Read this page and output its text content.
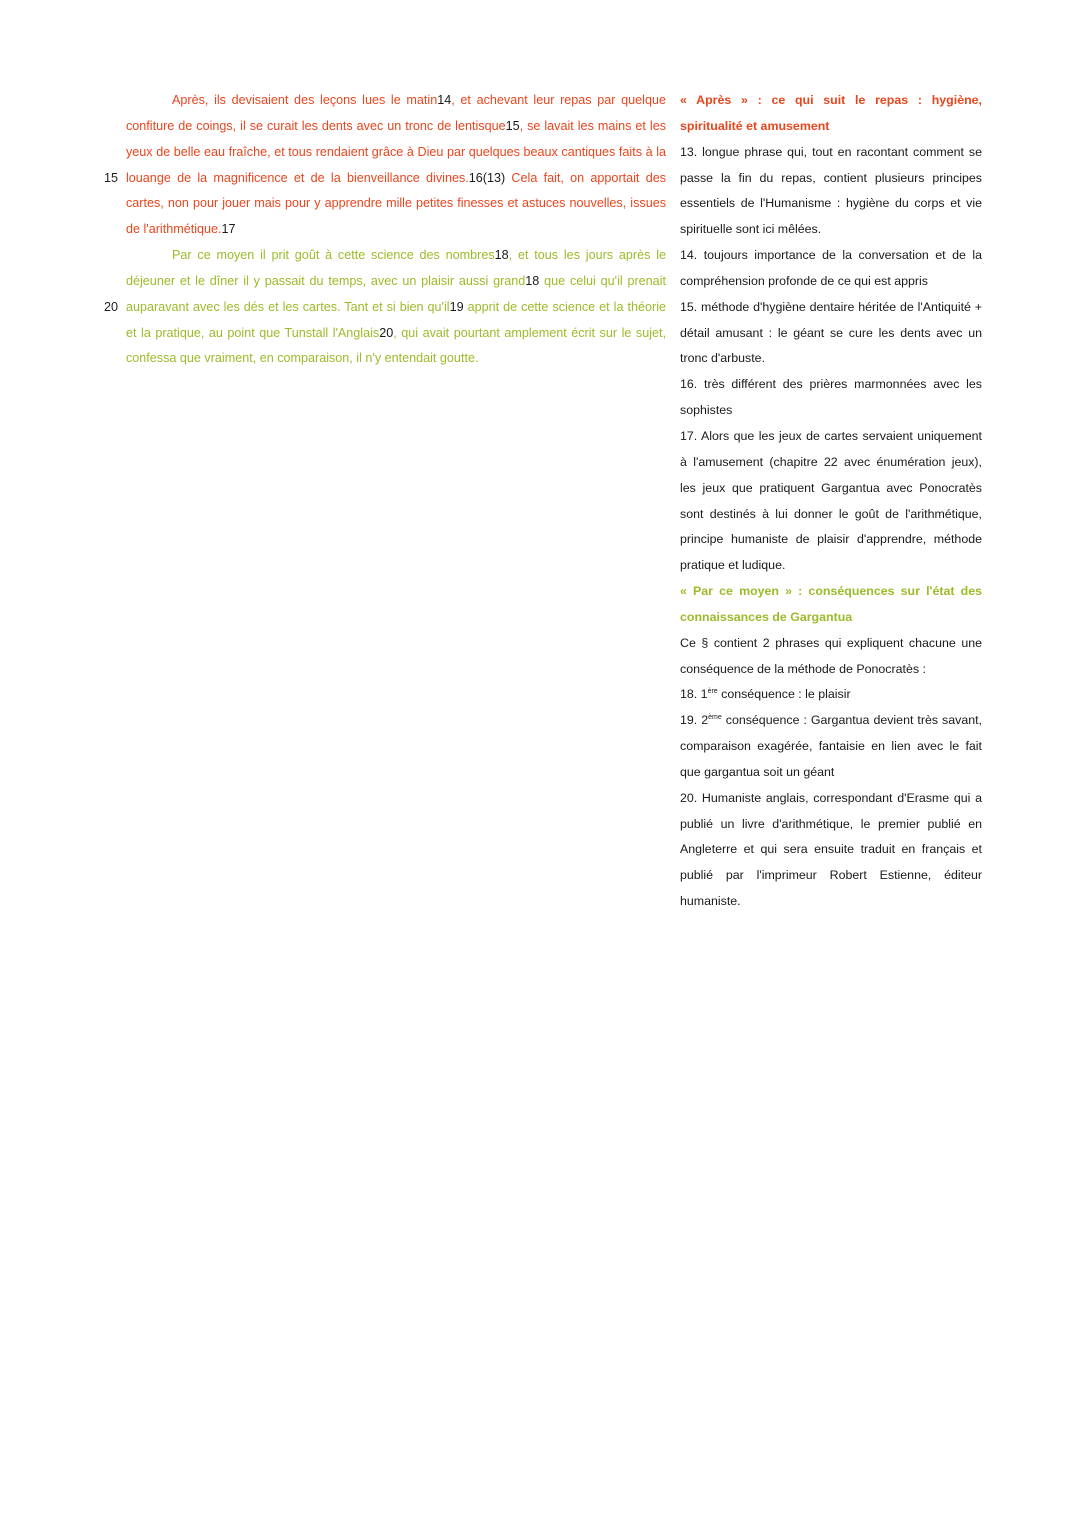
15
20

Après, ils devisaient des leçons lues le matin14, et achevant leur repas par quelque confiture de coings, il se curait les dents avec un tronc de lentisque15, se lavait les mains et les yeux de belle eau fraîche, et tous rendaient grâce à Dieu par quelques beaux cantiques faits à la louange de la magnificence et de la bienveillance divines.16(13) Cela fait, on apportait des cartes, non pour jouer mais pour y apprendre mille petites finesses et astuces nouvelles, issues de l'arithmétique.17

Par ce moyen il prit goût à cette science des nombres18, et tous les jours après le déjeuner et le dîner il y passait du temps, avec un plaisir aussi grand18 que celui qu'il prenait auparavant avec les dés et les cartes. Tant et si bien qu'il19 apprit de cette science et la théorie et la pratique, au point que Tunstall l'Anglais20, qui avait pourtant amplement écrit sur le sujet, confessa que vraiment, en comparaison, il n'y entendait goutte.

« Après » : ce qui suit le repas : hygiène, spiritualité et amusement

13. longue phrase qui, tout en racontant comment se passe la fin du repas, contient plusieurs principes essentiels de l'Humanisme : hygiène du corps et vie spirituelle sont ici mêlées.

14. toujours importance de la conversation et de la compréhension profonde de ce qui est appris

15. méthode d'hygiène dentaire héritée de l'Antiquité + détail amusant : le géant se cure les dents avec un tronc d'arbuste.

16. très différent des prières marmonnées avec les sophistes

17. Alors que les jeux de cartes servaient uniquement à l'amusement (chapitre 22 avec énumération jeux), les jeux que pratiquent Gargantua avec Ponocratès sont destinés à lui donner le goût de l'arithmétique, principe humaniste de plaisir d'apprendre, méthode pratique et ludique.

« Par ce moyen » : conséquences sur l'état des connaissances de Gargantua

Ce § contient 2 phrases qui expliquent chacune une conséquence de la méthode de Ponocratès :

18. 1ère conséquence : le plaisir

19. 2ème conséquence : Gargantua devient très savant, comparaison exagérée, fantaisie en lien avec le fait que gargantua soit un géant

20. Humaniste anglais, correspondant d'Erasme qui a publié un livre d'arithmétique, le premier publié en Angleterre et qui sera ensuite traduit en français et publié par l'imprimeur Robert Estienne, éditeur humaniste.
